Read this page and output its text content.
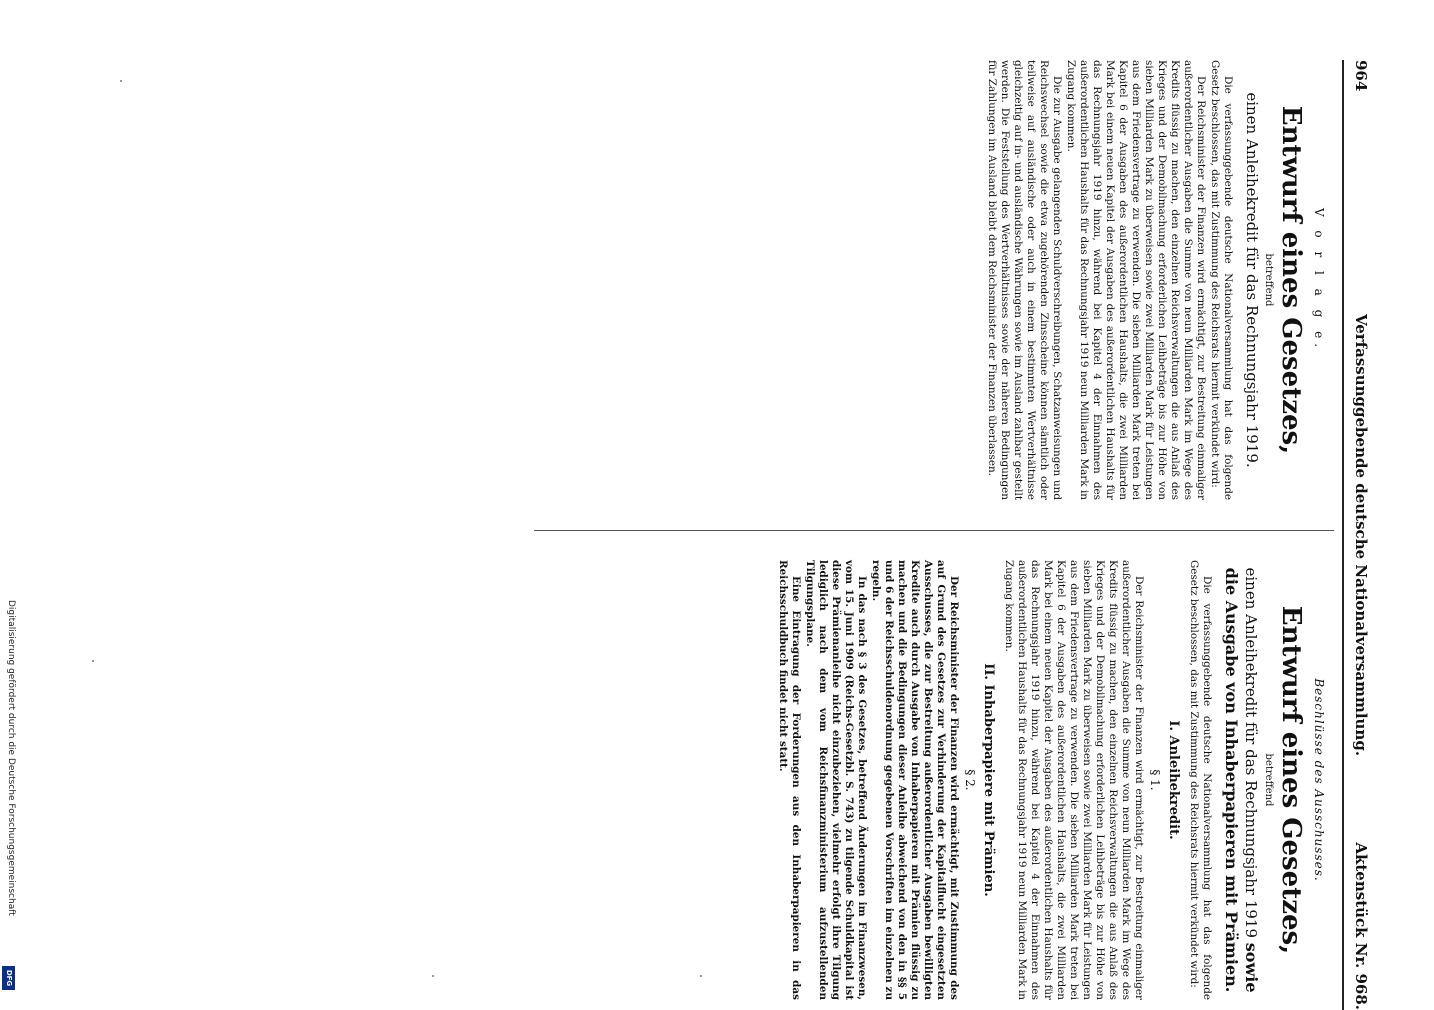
964
Verfassunggebende deutsche Nationalversammlung.
Aktenstück Nr. 968.
V o r l a g e.
Entwurf eines Gesetzes,
betreffend
einen Anleihekredit für das Rechnungsjahr 1919.

Die verfassunggebende deutsche Nationalversammlung hat das folgende Gesetz beschlossen, das mit Zustimmung des Reichsrats hiermit verkündet wird:

Der Reichsminister der Finanzen wird ermächtigt, zur Bestreitung einmaliger außerordentlicher Ausgaben die Summe von neun Milliarden Mark im Wege des Kredits flüssig zu machen, den einzelnen Reichsverwaltungen die aus Anlaß des Krieges und der Demobilmachung erforderlichen Leihbeträge bis zur Höhe von sieben Milliarden Mark zu überweisen sowie zwei Milliarden Mark für Leistungen aus dem Friedensvertrage zu verwenden. Die sieben Milliarden Mark treten bei Kapitel 6 der Ausgaben des außerordentlichen Haushalts, die zwei Milliarden Mark bei einem neuen Kapitel der Ausgaben des außerordentlichen Haushalts für das Rechnungsjahr 1919 hinzu, während bei Kapitel 4 der Einnahmen des außerordentlichen Haushalts für das Rechnungsjahr 1919 neun Milliarden Mark in Zugang kommen.

Die zur Ausgabe gelangenden Schuldverschreibungen, Schatzanweisungen und Reichswechsel sowie die etwa zugehörenden Zinsscheine können sämtlich oder teilweise auf ausländische oder auch in einem bestimmten Wertverhältnisse gleichzeitig auf in- und ausländische Währungen sowie im Ausland zahlbar gestellt werden. Die Feststellung des Wertverhältnisses sowie der näheren Bedingungen für Zahlungen im Ausland bleibt dem Reichsminister der Finanzen überlassen.

Beschlüsse des Ausschusses.
Entwurf eines Gesetzes,
betreffend
einen Anleihekredit für das Rechnungsjahr 1919 sowie die Ausgabe von Inhaberpapieren mit Prämien.

Die verfassunggebende deutsche Nationalversammlung hat das folgende Gesetz beschlossen, das mit Zustimmung des Reichsrats hiermit verkündet wird:

I. Anleihekredit.
§ 1.

Der Reichsminister der Finanzen wird ermächtigt, zur Bestreitung einmaliger außerordentlicher Ausgaben die Summe von neun Milliarden Mark im Wege des Kredits flüssig zu machen, den einzelnen Reichsverwaltungen die aus Anlaß des Krieges und der Demobilmachung erforderlichen Leihbeträge bis zur Höhe von sieben Milliarden Mark zu überweisen sowie zwei Milliarden Mark für Leistungen aus dem Friedensvertrage zu verwenden. Die sieben Milliarden Mark treten bei Kapitel 6 der Ausgaben des außerordentlichen Haushalts, die zwei Milliarden Mark bei einem neuen Kapitel der Ausgaben des außerordentlichen Haushalts für das Rechnungsjahr 1919 hinzu, während bei Kapitel 4 der Einnahmen des außerordentlichen Haushalts für das Rechnungsjahr 1919 neun Milliarden Mark in Zugang kommen.

II. Inhaberpapiere mit Prämien.
§ 2.

Der Reichsminister der Finanzen wird ermächtigt, mit Zustimmung des auf Grund des Gesetzes zur Verhinderung der Kapitalflucht eingesetzten Ausschusses, die zur Bestreitung außerordentlicher Ausgaben bewilligten Kredite auch durch Ausgabe von Inhaberpapieren mit Prämien flüssig zu machen und die Bedingungen dieser Anleihe abweichend von den in §§ 5 und 6 der Reichsschuldenordnung gegebenen Vorschriften im einzelnen zu regeln.

In das nach § 3 des Gesetzes, betreffend Änderungen im Finanzwesen, vom 15. Juni 1909 (Reichs-Gesetzbl. S. 743) zu tilgende Schuldkapital ist diese Prämienanleihe nicht einzubeziehen, vielmehr erfolgt ihre Tilgung lediglich nach dem vom Reichsfinanzministerium aufzustellenden Tilgungsplane.

Eine Eintragung der Forderungen aus den Inhaberpapieren in das Reichsschuldbuch findet nicht statt.

Digitalisierung gefördert durch die Deutsche Forschungsgemeinschaft
DFG
